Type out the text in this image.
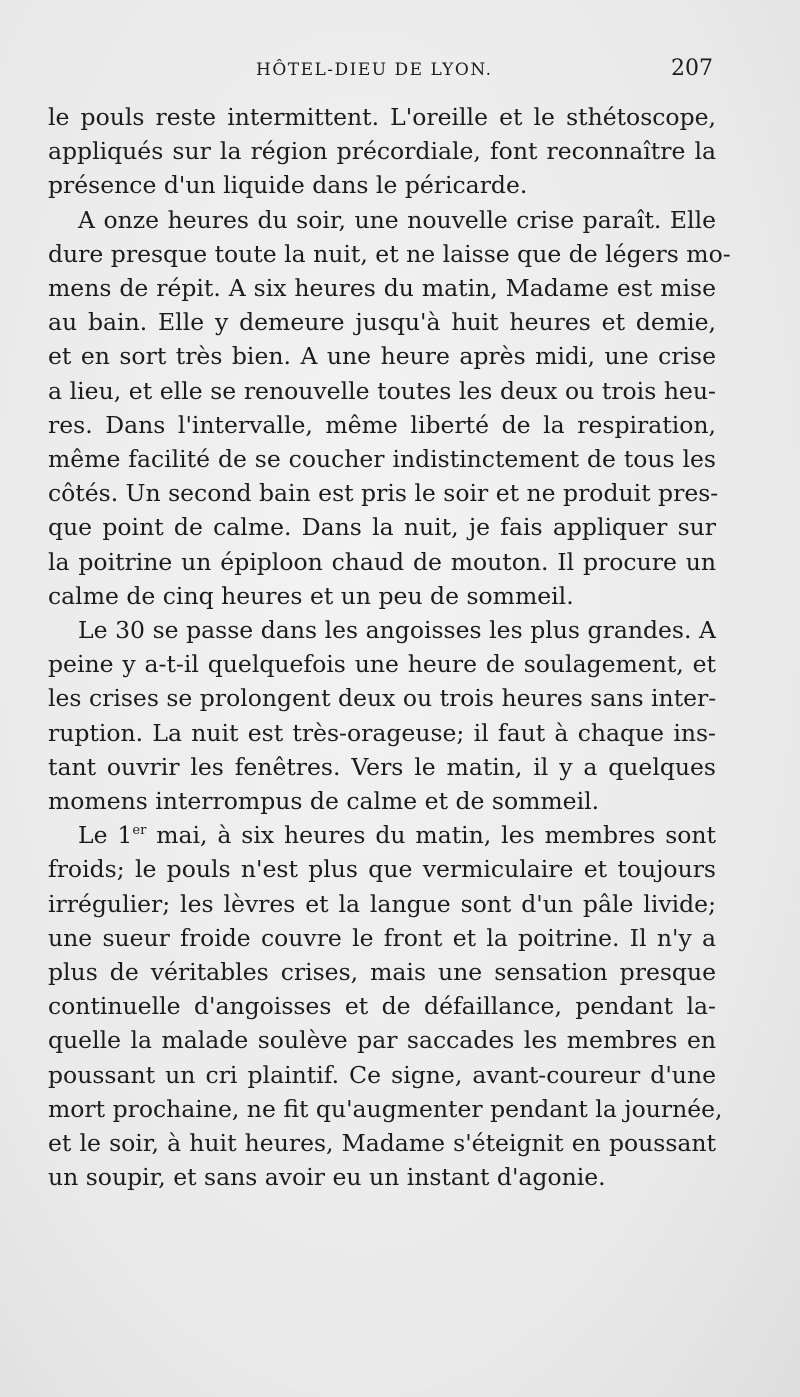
HÔTEL-DIEU DE LYON.	207
le pouls reste intermittent. L'oreille et le sthétoscope,
appliqués sur la région précordiale, font reconnaître la
présence d'un liquide dans le péricarde.
A onze heures du soir, une nouvelle crise paraît. Elle
dure presque toute la nuit, et ne laisse que de légers mo-
mens de répit. A six heures du matin, Madame est mise
au bain. Elle y demeure jusqu'à huit heures et demie,
et en sort très bien. A une heure après midi, une crise
a lieu, et elle se renouvelle toutes les deux ou trois heu-
res. Dans l'intervalle, même liberté de la respiration,
même facilité de se coucher indistinctement de tous les
côtés. Un second bain est pris le soir et ne produit pres-
que point de calme. Dans la nuit, je fais appliquer sur
la poitrine un épiploon chaud de mouton. Il procure un
calme de cinq heures et un peu de sommeil.
Le 30 se passe dans les angoisses les plus grandes. A
peine y a-t-il quelquefois une heure de soulagement, et
les crises se prolongent deux ou trois heures sans inter-
ruption. La nuit est très-orageuse; il faut à chaque ins-
tant ouvrir les fenêtres. Vers le matin, il y a quelques
momens interrompus de calme et de sommeil.
Le 1er mai, à six heures du matin, les membres sont
froids; le pouls n'est plus que vermiculaire et toujours
irrégulier; les lèvres et la langue sont d'un pâle livide;
une sueur froide couvre le front et la poitrine. Il n'y a
plus de véritables crises, mais une sensation presque
continuelle d'angoisses et de défaillance, pendant la-
quelle la malade soulève par saccades les membres en
poussant un cri plaintif. Ce signe, avant-coureur d'une
mort prochaine, ne fit qu'augmenter pendant la journée,
et le soir, à huit heures, Madame s'éteignit en poussant
un soupir, et sans avoir eu un instant d'agonie.
